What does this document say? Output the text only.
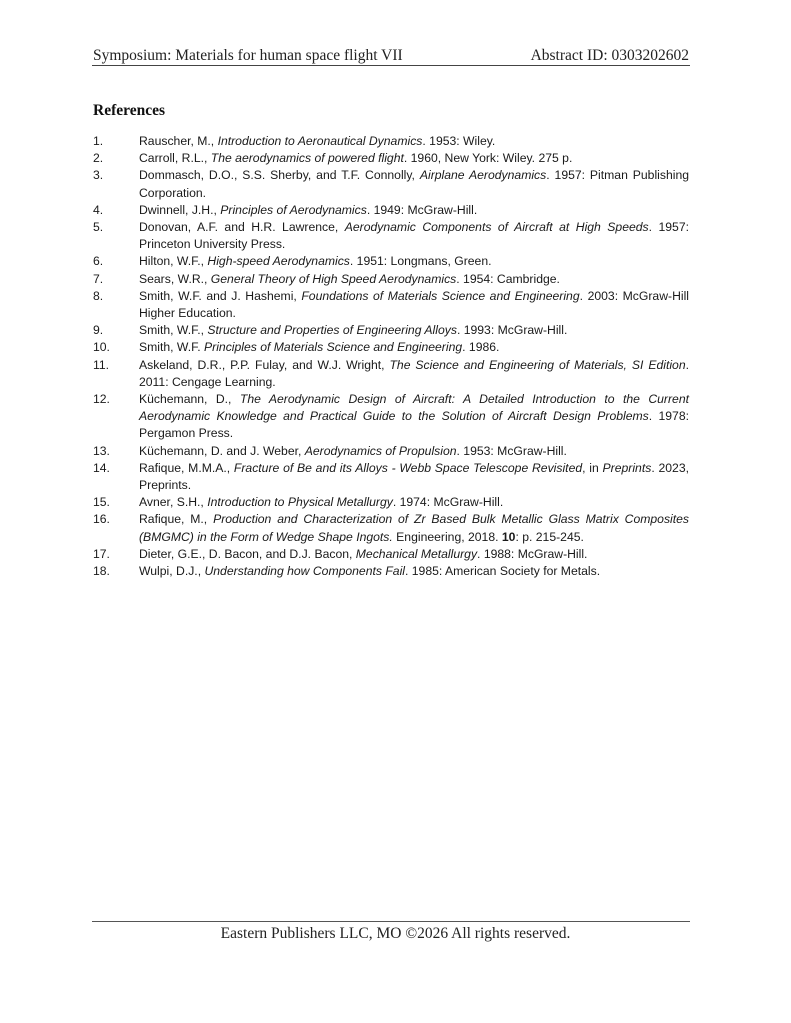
Symposium: Materials for human space flight VII	Abstract ID: 0303202602
References
1.	Rauscher, M., Introduction to Aeronautical Dynamics. 1953: Wiley.
2.	Carroll, R.L., The aerodynamics of powered flight. 1960, New York: Wiley. 275 p.
3.	Dommasch, D.O., S.S. Sherby, and T.F. Connolly, Airplane Aerodynamics. 1957: Pitman Publishing Corporation.
4.	Dwinnell, J.H., Principles of Aerodynamics. 1949: McGraw-Hill.
5.	Donovan, A.F. and H.R. Lawrence, Aerodynamic Components of Aircraft at High Speeds. 1957: Princeton University Press.
6.	Hilton, W.F., High-speed Aerodynamics. 1951: Longmans, Green.
7.	Sears, W.R., General Theory of High Speed Aerodynamics. 1954: Cambridge.
8.	Smith, W.F. and J. Hashemi, Foundations of Materials Science and Engineering. 2003: McGraw-Hill Higher Education.
9.	Smith, W.F., Structure and Properties of Engineering Alloys. 1993: McGraw-Hill.
10. Smith, W.F. Principles of Materials Science and Engineering. 1986.
11. Askeland, D.R., P.P. Fulay, and W.J. Wright, The Science and Engineering of Materials, SI Edition. 2011: Cengage Learning.
12. Küchemann, D., The Aerodynamic Design of Aircraft: A Detailed Introduction to the Current Aerodynamic Knowledge and Practical Guide to the Solution of Aircraft Design Problems. 1978: Pergamon Press.
13. Küchemann, D. and J. Weber, Aerodynamics of Propulsion. 1953: McGraw-Hill.
14. Rafique, M.M.A., Fracture of Be and its Alloys - Webb Space Telescope Revisited, in Preprints. 2023, Preprints.
15. Avner, S.H., Introduction to Physical Metallurgy. 1974: McGraw-Hill.
16. Rafique, M., Production and Characterization of Zr Based Bulk Metallic Glass Matrix Composites (BMGMC) in the Form of Wedge Shape Ingots. Engineering, 2018. 10: p. 215-245.
17. Dieter, G.E., D. Bacon, and D.J. Bacon, Mechanical Metallurgy. 1988: McGraw-Hill.
18. Wulpi, D.J., Understanding how Components Fail. 1985: American Society for Metals.
Eastern Publishers LLC, MO ©2026 All rights reserved.
